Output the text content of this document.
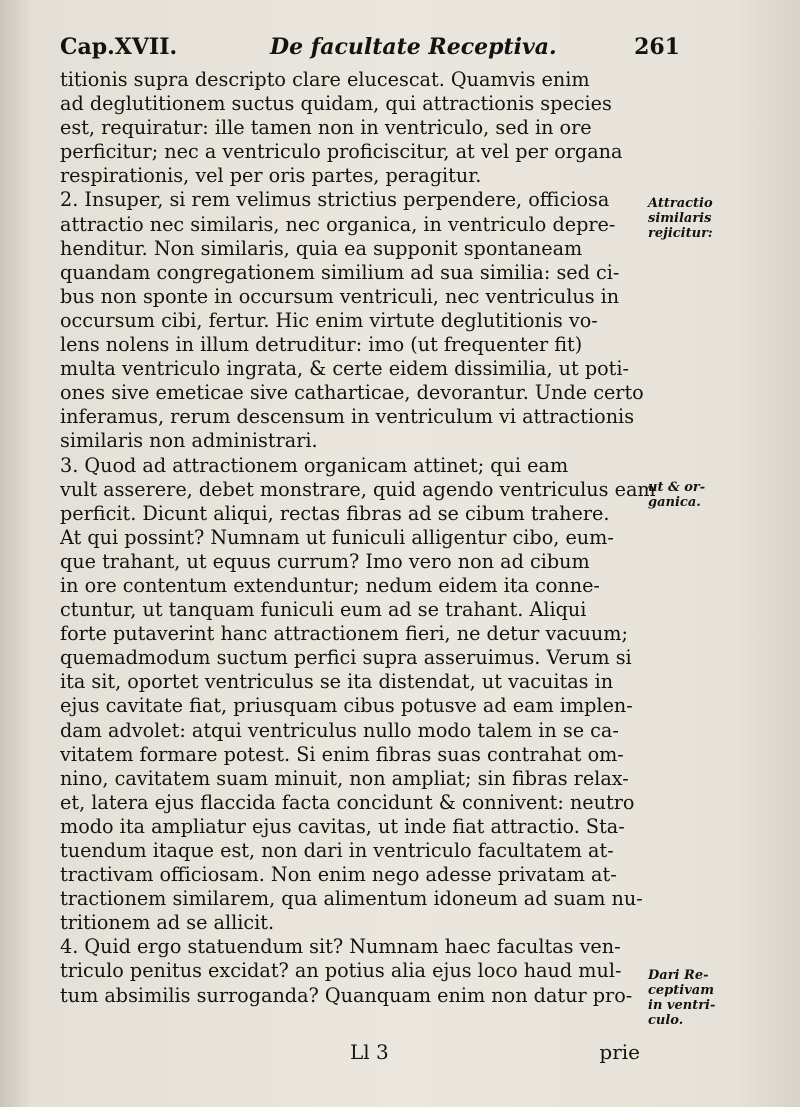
Cap.XVII.	De facultate Receptiva.	261
titionis supra descripto clare elucescat. Quamvis enim
ad deglutitionem suctus quidam, qui attractionis species
est, requiratur: ille tamen non in ventriculo, sed in ore
perficitur; nec a ventriculo proficiscitur, at vel per organa
respirationis, vel per oris partes, peragitur.
2. Insuper, si rem velimus strictius perpendere, officiosa
attractio nec similaris, nec organica, in ventriculo depre-
henditur. Non similaris, quia ea supponit spontaneam
quandam congregationem similium ad sua similia: sed ci-
bus non sponte in occursum ventriculi, nec ventriculus in
occursum cibi, fertur. Hic enim virtute deglutitionis vo-
lens nolens in illum detruditur: imo (ut frequenter fit)
multa ventriculo ingrata, & certe eidem dissimilia, ut poti-
ones sive emeticae sive catharticae, devorantur. Unde certo
inferamus, rerum descensum in ventriculum vi attractionis
similaris non administrari.
3. Quod ad attractionem organicam attinet; qui eam
vult asserere, debet monstrare, quid agendo ventriculus eam
perficit. Dicunt aliqui, rectas fibras ad se cibum trahere.
At qui possint? Numnam ut funiculi alligentur cibo, eum-
que trahant, ut equus currum? Imo vero non ad cibum
in ore contentum extenduntur; nedum eidem ita conne-
ctuntur, ut tanquam funiculi eum ad se trahant. Aliqui
forte putaverint hanc attractionem fieri, ne detur vacuum;
quemadmodum suctum perfici supra asseruimus. Verum si
ita sit, oportet ventriculus se ita distendat, ut vacuitas in
ejus cavitate fiat, priusquam cibus potusve ad eam implen-
dam advolet: atqui ventriculus nullo modo talem in se ca-
vitatem formare potest. Si enim fibras suas contrahat om-
nino, cavitatem suam minuit, non ampliat; sin fibras relax-
et, latera ejus flaccida facta concidunt & connivent: neutro
modo ita ampliatur ejus cavitas, ut inde fiat attractio. Sta-
tuendum itaque est, non dari in ventriculo facultatem at-
tractivam officiosam. Non enim nego adesse privatam at-
tractionem similarem, qua alimentum idoneum ad suam nu-
tritionem ad se allicit.
4. Quid ergo statuendum sit? Numnam haec facultas ven-
triculo penitus excidat? an potius alia ejus loco haud mul-
tum absimilis surroganda? Quanquam enim non datur pro-
Attractio
similaris
rejicitur:
ut & or-
ganica.
Dari Re-
ceptivam
in ventri-
culo.
Ll 3	prie
